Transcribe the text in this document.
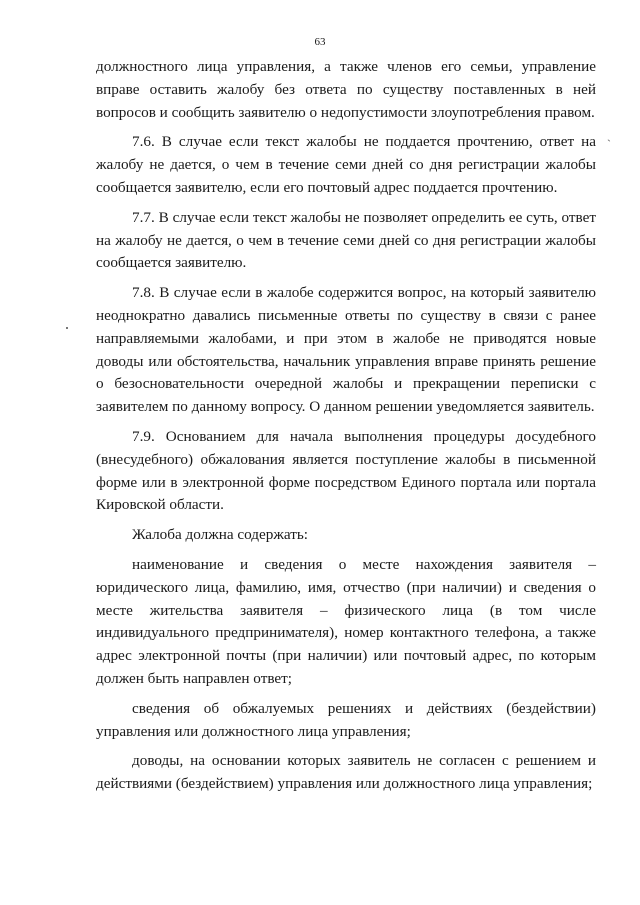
63

должностного лица управления, а также членов его семьи, управление вправе оставить жалобу без ответа по существу поставленных в ней вопросов и сообщить заявителю о недопустимости злоупотребления правом.

7.6. В случае если текст жалобы не поддается прочтению, ответ на жалобу не дается, о чем в течение семи дней со дня регистрации жалобы сообщается заявителю, если его почтовый адрес поддается прочтению.

7.7. В случае если текст жалобы не позволяет определить ее суть, ответ на жалобу не дается, о чем в течение семи дней со дня регистрации жалобы сообщается заявителю.

7.8. В случае если в жалобе содержится вопрос, на который заявителю неоднократно давались письменные ответы по существу в связи с ранее направляемыми жалобами, и при этом в жалобе не приводятся новые доводы или обстоятельства, начальник управления вправе принять решение о безосновательности очередной жалобы и прекращении переписки с заявителем по данному вопросу. О данном решении уведомляется заявитель.

7.9. Основанием для начала выполнения процедуры досудебного (внесудебного) обжалования является поступление жалобы в письменной форме или в электронной форме посредством Единого портала или портала Кировской области.

Жалоба должна содержать:

наименование и сведения о месте нахождения заявителя – юридического лица, фамилию, имя, отчество (при наличии) и сведения о месте жительства заявителя – физического лица (в том числе индивидуального предпринимателя), номер контактного телефона, а также адрес электронной почты (при наличии) или почтовый адрес, по которым должен быть направлен ответ;

сведения об обжалуемых решениях и действиях (бездействии) управления или должностного лица управления;

доводы, на основании которых заявитель не согласен с решением и действиями (бездействием) управления или должностного лица управления;

ˋ
